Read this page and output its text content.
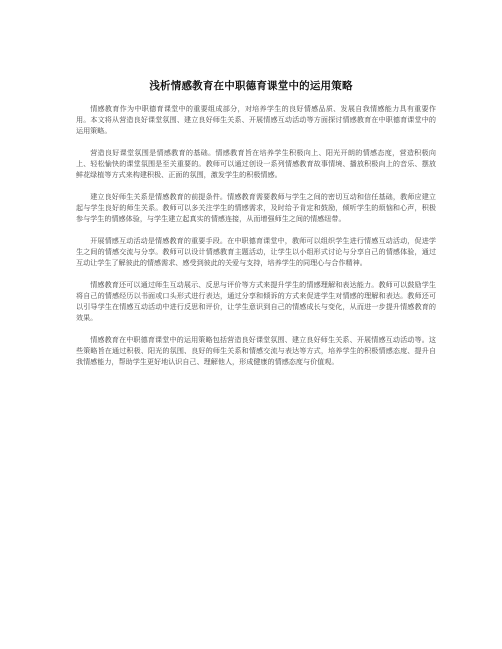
浅析情感教育在中职德育课堂中的运用策略

情感教育作为中职德育课堂中的重要组成部分，对培养学生的良好情感品质、发展自我情感能力具有重要作用。本文将从营造良好课堂氛围、建立良好师生关系、开展情感互动活动等方面探讨情感教育在中职德育课堂中的运用策略。

营造良好课堂氛围是情感教育的基础。情感教育旨在培养学生积极向上、阳光开朗的情感态度，营造积极向上、轻松愉快的课堂氛围是至关重要的。教师可以通过创设一系列情感教育故事情境、播放积极向上的音乐、摆放鲜花绿植等方式来构建积极、正面的氛围，激发学生的积极情感。

建立良好师生关系是情感教育的前提条件。情感教育需要教师与学生之间的密切互动和信任基础，教师应建立起与学生良好的师生关系。教师可以多关注学生的情感需求，及时给予肯定和鼓励，倾听学生的烦恼和心声，积极参与学生的情感体验，与学生建立起真实的情感连接，从而增强师生之间的情感纽带。

开展情感互动活动是情感教育的重要手段。在中职德育课堂中，教师可以组织学生进行情感互动活动，促进学生之间的情感交流与分享。教师可以设计情感教育主题活动，让学生以小组形式讨论与分享自己的情感体验，通过互动让学生了解彼此的情感需求、感受到彼此的关爱与支持，培养学生的同理心与合作精神。

情感教育还可以通过师生互动展示、反思与评价等方式来提升学生的情感理解和表达能力。教师可以鼓励学生将自己的情感经历以书面或口头形式进行表达，通过分享和倾诉的方式来促进学生对情感的理解和表达。教师还可以引导学生在情感互动活动中进行反思和评价，让学生意识到自己的情感成长与变化，从而进一步提升情感教育的效果。

情感教育在中职德育课堂中的运用策略包括营造良好课堂氛围、建立良好师生关系、开展情感互动活动等。这些策略旨在通过积极、阳光的氛围、良好的师生关系和情感交流与表达等方式，培养学生的积极情感态度、提升自我情感能力，帮助学生更好地认识自己、理解他人，形成健康的情感态度与价值观。
